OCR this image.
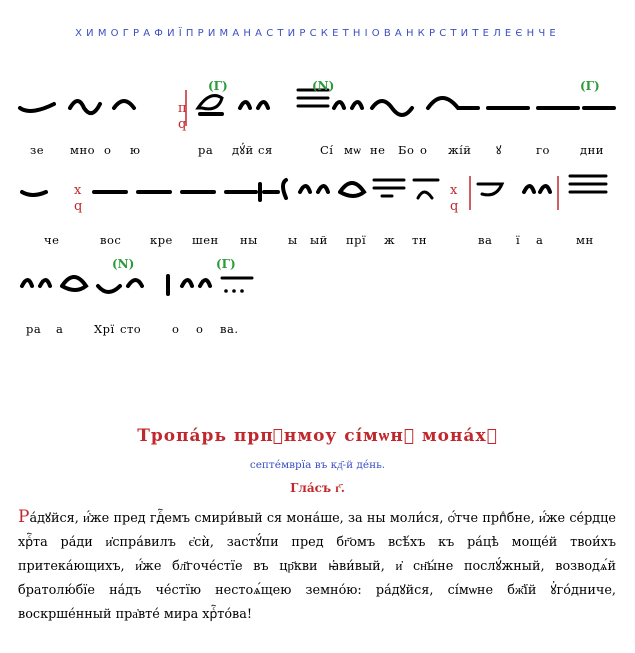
ХИМОГРАФИЇПРИМАНАСТИРСКЕТНІОВАНКРСТИТЕЛЕЄНЧЕ
п
q
(Г)	(N)	(Г)
зе мно о ю	ра дꙋ́й ся	Сі́ мѡ не Бо о жі́й ꙋ	го	дни
х
q
х
q
че	вос кре шен ны	ы ый прї ж тн	ва ї а	мн
(N)	(Г)
ра а	Хрї сто	о о ва.
Тропа́рь прпⷣнмоу сі́мѡнꙋ мона́хꙋ
септе́мврїа въ кд҃-й де́нь.
Гла́съ г҃.
Ра́дꙋйся, и҆́же пред гдⷭ҇емъ смири́вый ся мона́ше, за ны моли́ся, ѻ҆́тче прпⷣбне, и҆́же се́рдце хрⷭ҇та ра́ди и҆спра́вилъ є҆сѝ, застꙋ́пи пред бг҃омъ всѣ́хъ къ ра́цѣ моще́й твои́хъ притека́ющихъ, и҆́же бл҃гоче́стїе въ цр҃кви ꙗ҆ви́вый, и҆ сн҃ы́не послꙋ́жный, возводѧ́й братолю́бїе на́дъ че́стїю нестоѧ́щею земно́ю: ра́дꙋйся, сі́мѡне бж҃їй ꙋ҆го́дниче, воскрше́нный пра҆вте́ мира хрⷭ҇то́ва!
